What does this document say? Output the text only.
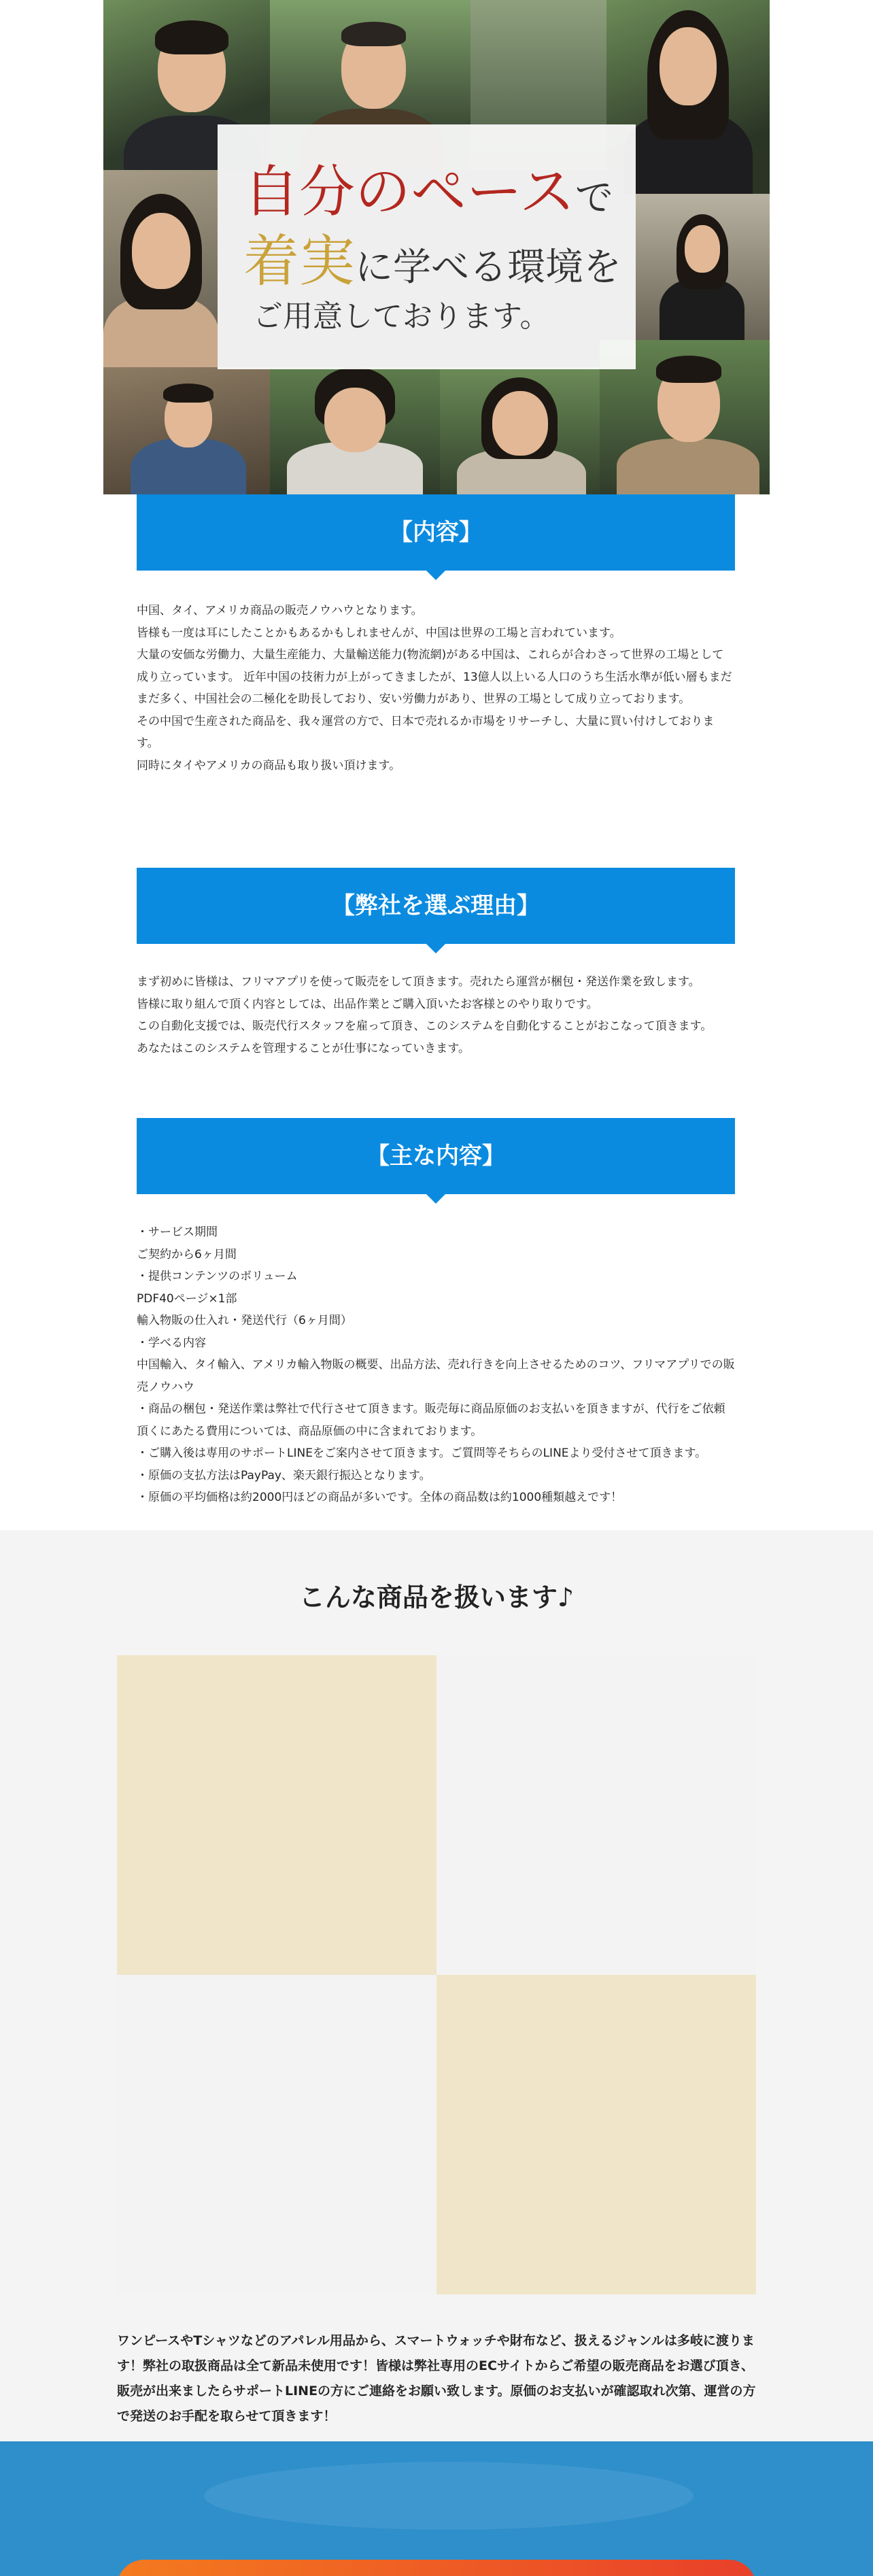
自分のペースで
着実に学べる環境を
ご用意しております。
【内容】

中国、タイ、アメリカ商品の販売ノウハウとなります。

皆様も一度は耳にしたことかもあるかもしれませんが、中国は世界の工場と言われています。

大量の安価な労働力、大量生産能力、大量輸送能力(物流網)がある中国は、これらが合わさって世界の工場として成り立っています。 近年中国の技術力が上がってきましたが、13億人以上いる人口のうち生活水準が低い層もまだまだ多く、中国社会の二極化を助長しており、安い労働力があり、世界の工場として成り立っております。

その中国で生産された商品を、我々運営の方で、日本で売れるか市場をリサーチし、大量に買い付けしております。

同時にタイやアメリカの商品も取り扱い頂けます。

【弊社を選ぶ理由】

まず初めに皆様は、フリマアプリを使って販売をして頂きます。売れたら運営が梱包・発送作業を致します。

皆様に取り組んで頂く内容としては、出品作業とご購入頂いたお客様とのやり取りです。

この自動化支援では、販売代行スタッフを雇って頂き、このシステムを自動化することがおこなって頂きます。

あなたはこのシステムを管理することが仕事になっていきます。

【主な内容】

・サービス期間

ご契約から6ヶ月間

・提供コンテンツのボリューム

PDF40ページ×1部

輸入物販の仕入れ・発送代行（6ヶ月間）

・学べる内容

中国輸入、タイ輸入、アメリカ輸入物販の概要、出品方法、売れ行きを向上させるためのコツ、フリマアプリでの販売ノウハウ

・商品の梱包・発送作業は弊社で代行させて頂きます。販売毎に商品原価のお支払いを頂きますが、代行をご依頼頂くにあたる費用については、商品原価の中に含まれております。

・ご購入後は専用のサポートLINEをご案内させて頂きます。ご質問等そちらのLINEより受付させて頂きます。

・原価の支払方法はPayPay、楽天銀行振込となります。

・原価の平均価格は約2000円ほどの商品が多いです。全体の商品数は約1000種類越えです！

こんな商品を扱います♪
ワンピースやTシャツなどのアパレル用品から、スマートウォッチや財布など、扱えるジャンルは多岐に渡ります！弊社の取扱商品は全て新品未使用です！皆様は弊社専用のECサイトからご希望の販売商品をお選び頂き、販売が出来ましたらサポートLINEの方にご連絡をお願い致します。原価のお支払いが確認取れ次第、運営の方で発送のお手配を取らせて頂きます！
